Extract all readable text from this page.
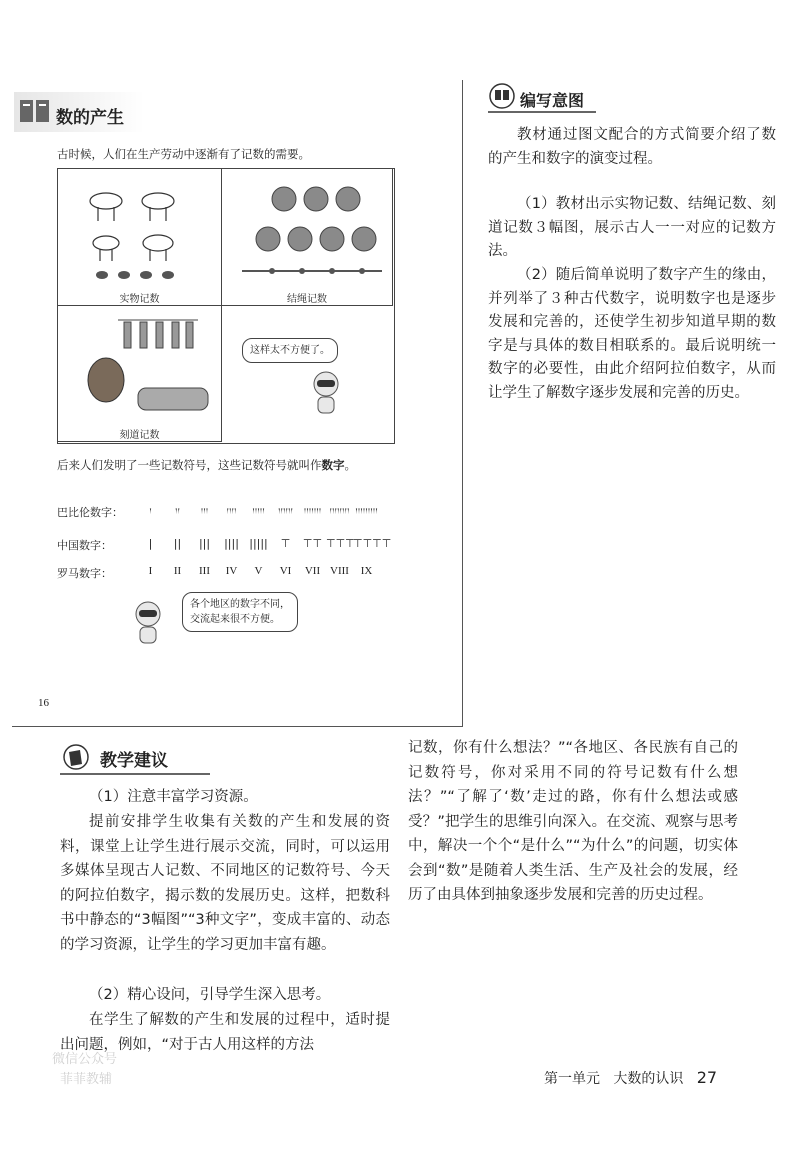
数的产生
古时候，人们在生产劳动中逐渐有了记数的需要。
实物记数	结绳记数
刻道记数
这样太不方便了。
后来人们发明了一些记数符号，这些记数符号就叫作数字。
巴比伦数字：	𒁹	𒁹𒁹	𒁹𒁹𒁹	𒁹𒁹𒁹𒁹	𒁹𒁹𒁹𒁹𒁹 𒁹𒁹𒁹𒁹𒁹𒁹 𒁹𒁹𒁹𒁹𒁹𒁹𒁹 𒁹𒁹𒁹𒁹𒁹𒁹𒁹𒁹 𒁹𒁹𒁹𒁹𒁹𒁹𒁹𒁹𒁹
中国数字：	| || ||| |||| ||||| ⊤ ⊤⊤ ⊤⊤⊤⊤⊤⊤⊤
罗马数字：	I II III IV V VI VII VIII IX
各个地区的数字不同，
交流起来很不方便。
16
编写意图
教材通过图文配合的方式简要介绍了数的产生和数字的演变过程。
（1）教材出示实物记数、结绳记数、刻道记数３幅图，展示古人一一对应的记数方法。
（2）随后简单说明了数字产生的缘由，并列举了３种古代数字，说明数字也是逐步发展和完善的，还使学生初步知道早期的数字是与具体的数目相联系的。最后说明统一数字的必要性，由此介绍阿拉伯数字，从而让学生了解数字逐步发展和完善的历史。
教学建议
（1）注意丰富学习资源。
提前安排学生收集有关数的产生和发展的资料，课堂上让学生进行展示交流，同时，可以运用多媒体呈现古人记数、不同地区的记数符号、今天的阿拉伯数字，揭示数的发展历史。这样，把数科书中静态的“3幅图”“3种文字”，变成丰富的、动态的学习资源，让学生的学习更加丰富有趣。
（2）精心设问，引导学生深入思考。
在学生了解数的产生和发展的过程中，适时提出问题，例如，“对于古人用这样的方法
记数，你有什么想法？”“各地区、各民族有自己的记数符号，你对采用不同的符号记数有什么想法？”“了解了‘数’走过的路，你有什么想法或感受？”把学生的思维引向深入。在交流、观察与思考中，解决一个个“是什么”“为什么”的问题，切实体会到“数”是随着人类生活、生产及社会的发展，经历了由具体到抽象逐步发展和完善的历史过程。
微信公众号
菲菲教辅	第一单元 大数的认识 27
